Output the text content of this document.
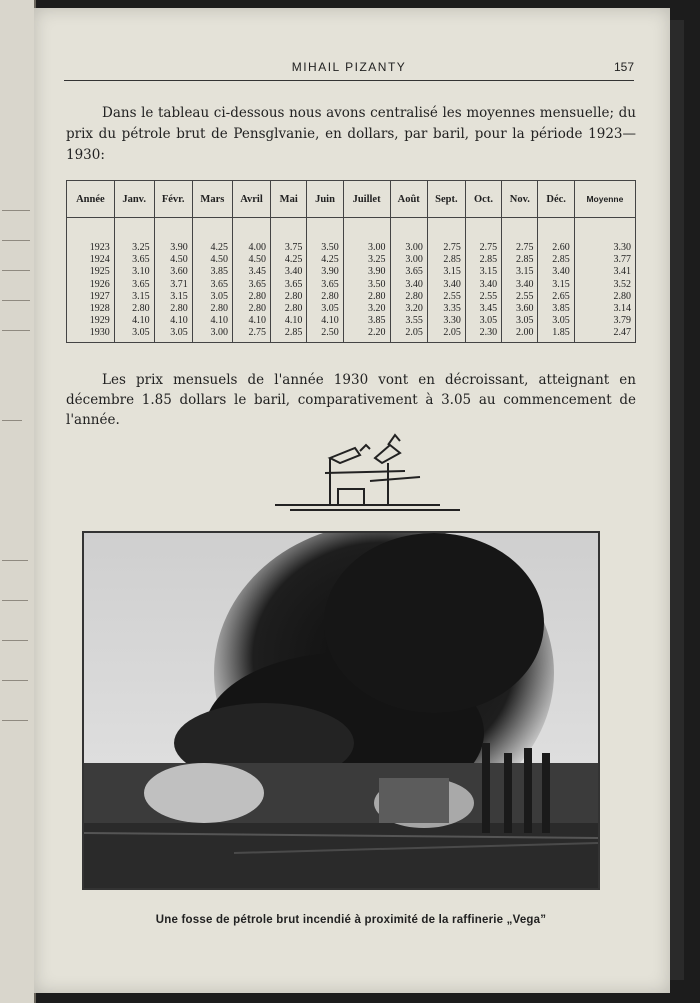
MIHAIL PIZANTY	157

Dans le tableau ci-dessous nous avons centralisé les moyennes mensuelle; du prix du pétrole brut de Pensglvanie, en dollars, par baril, pour la période 1923—1930:

Année	Janv.	Févr.	Mars	Avril	Mai	Juin	Juillet	Août	Sept.	Oct.	Nov.	Déc.	Moyenne
1923	3.25	3.90	4.25	4.00	3.75	3.50	3.00	3.00	2.75	2.75	2.75	2.60	3.30
1924	3.65	4.50	4.50	4.50	4.25	4.25	3.25	3.00	2.85	2.85	2.85	2.85	3.77
1925	3.10	3.60	3.85	3.45	3.40	3.90	3.90	3.65	3.15	3.15	3.15	3.40	3.41
1926	3.65	3.71	3.65	3.65	3.65	3.65	3.50	3.40	3.40	3.40	3.40	3.15	3.52
1927	3.15	3.15	3.05	2.80	2.80	2.80	2.80	2.80	2.55	2.55	2.55	2.65	2.80
1928	2.80	2.80	2.80	2.80	2.80	3.05	3.20	3.20	3.35	3.45	3.60	3.85	3.14
1929	4.10	4.10	4.10	4.10	4.10	4.10	3.85	3.55	3.30	3.05	3.05	3.05	3.79
1930	3.05	3.05	3.00	2.75	2.85	2.50	2.20	2.05	2.05	2.30	2.00	1.85	2.47

Les prix mensuels de l'année 1930 vont en décroissant, atteignant en décembre 1.85 dollars le baril, comparativement à 3.05 au commencement de l'année.

Une fosse de pétrole brut incendié à proximité de la raffinerie „Vega”
